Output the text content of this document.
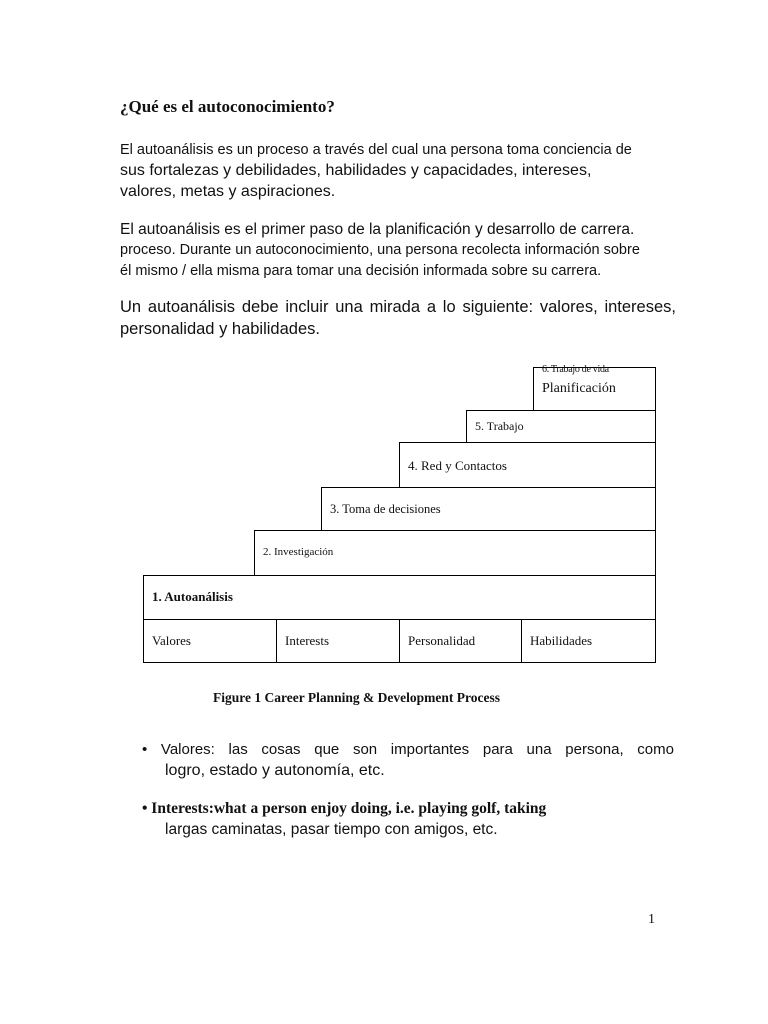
¿Qué es el autoconocimiento?

El autoanálisis es un proceso a través del cual una persona toma conciencia de
sus fortalezas y debilidades, habilidades y capacidades, intereses,
valores, metas y aspiraciones.

El autoanálisis es el primer paso de la planificación y desarrollo de carrera.
proceso. Durante un autoconocimiento, una persona recolecta información sobre
él mismo / ella misma para tomar una decisión informada sobre su carrera.

Un autoanálisis debe incluir una mirada a lo siguiente: valores, intereses, personalidad y habilidades.

6. Trabajo de vida
Planificación
5. Trabajo
4. Red y Contactos
3. Toma de decisiones
2. Investigación
1. Autoanálisis
Valores	Interests	Personalidad	Habilidades

Figure 1 Career Planning & Development Process

• Valores: las cosas que son importantes para una persona, como
logro, estado y autonomía, etc.

• Interests:what a person enjoy doing, i.e. playing golf, taking
largas caminatas, pasar tiempo con amigos, etc.

1
